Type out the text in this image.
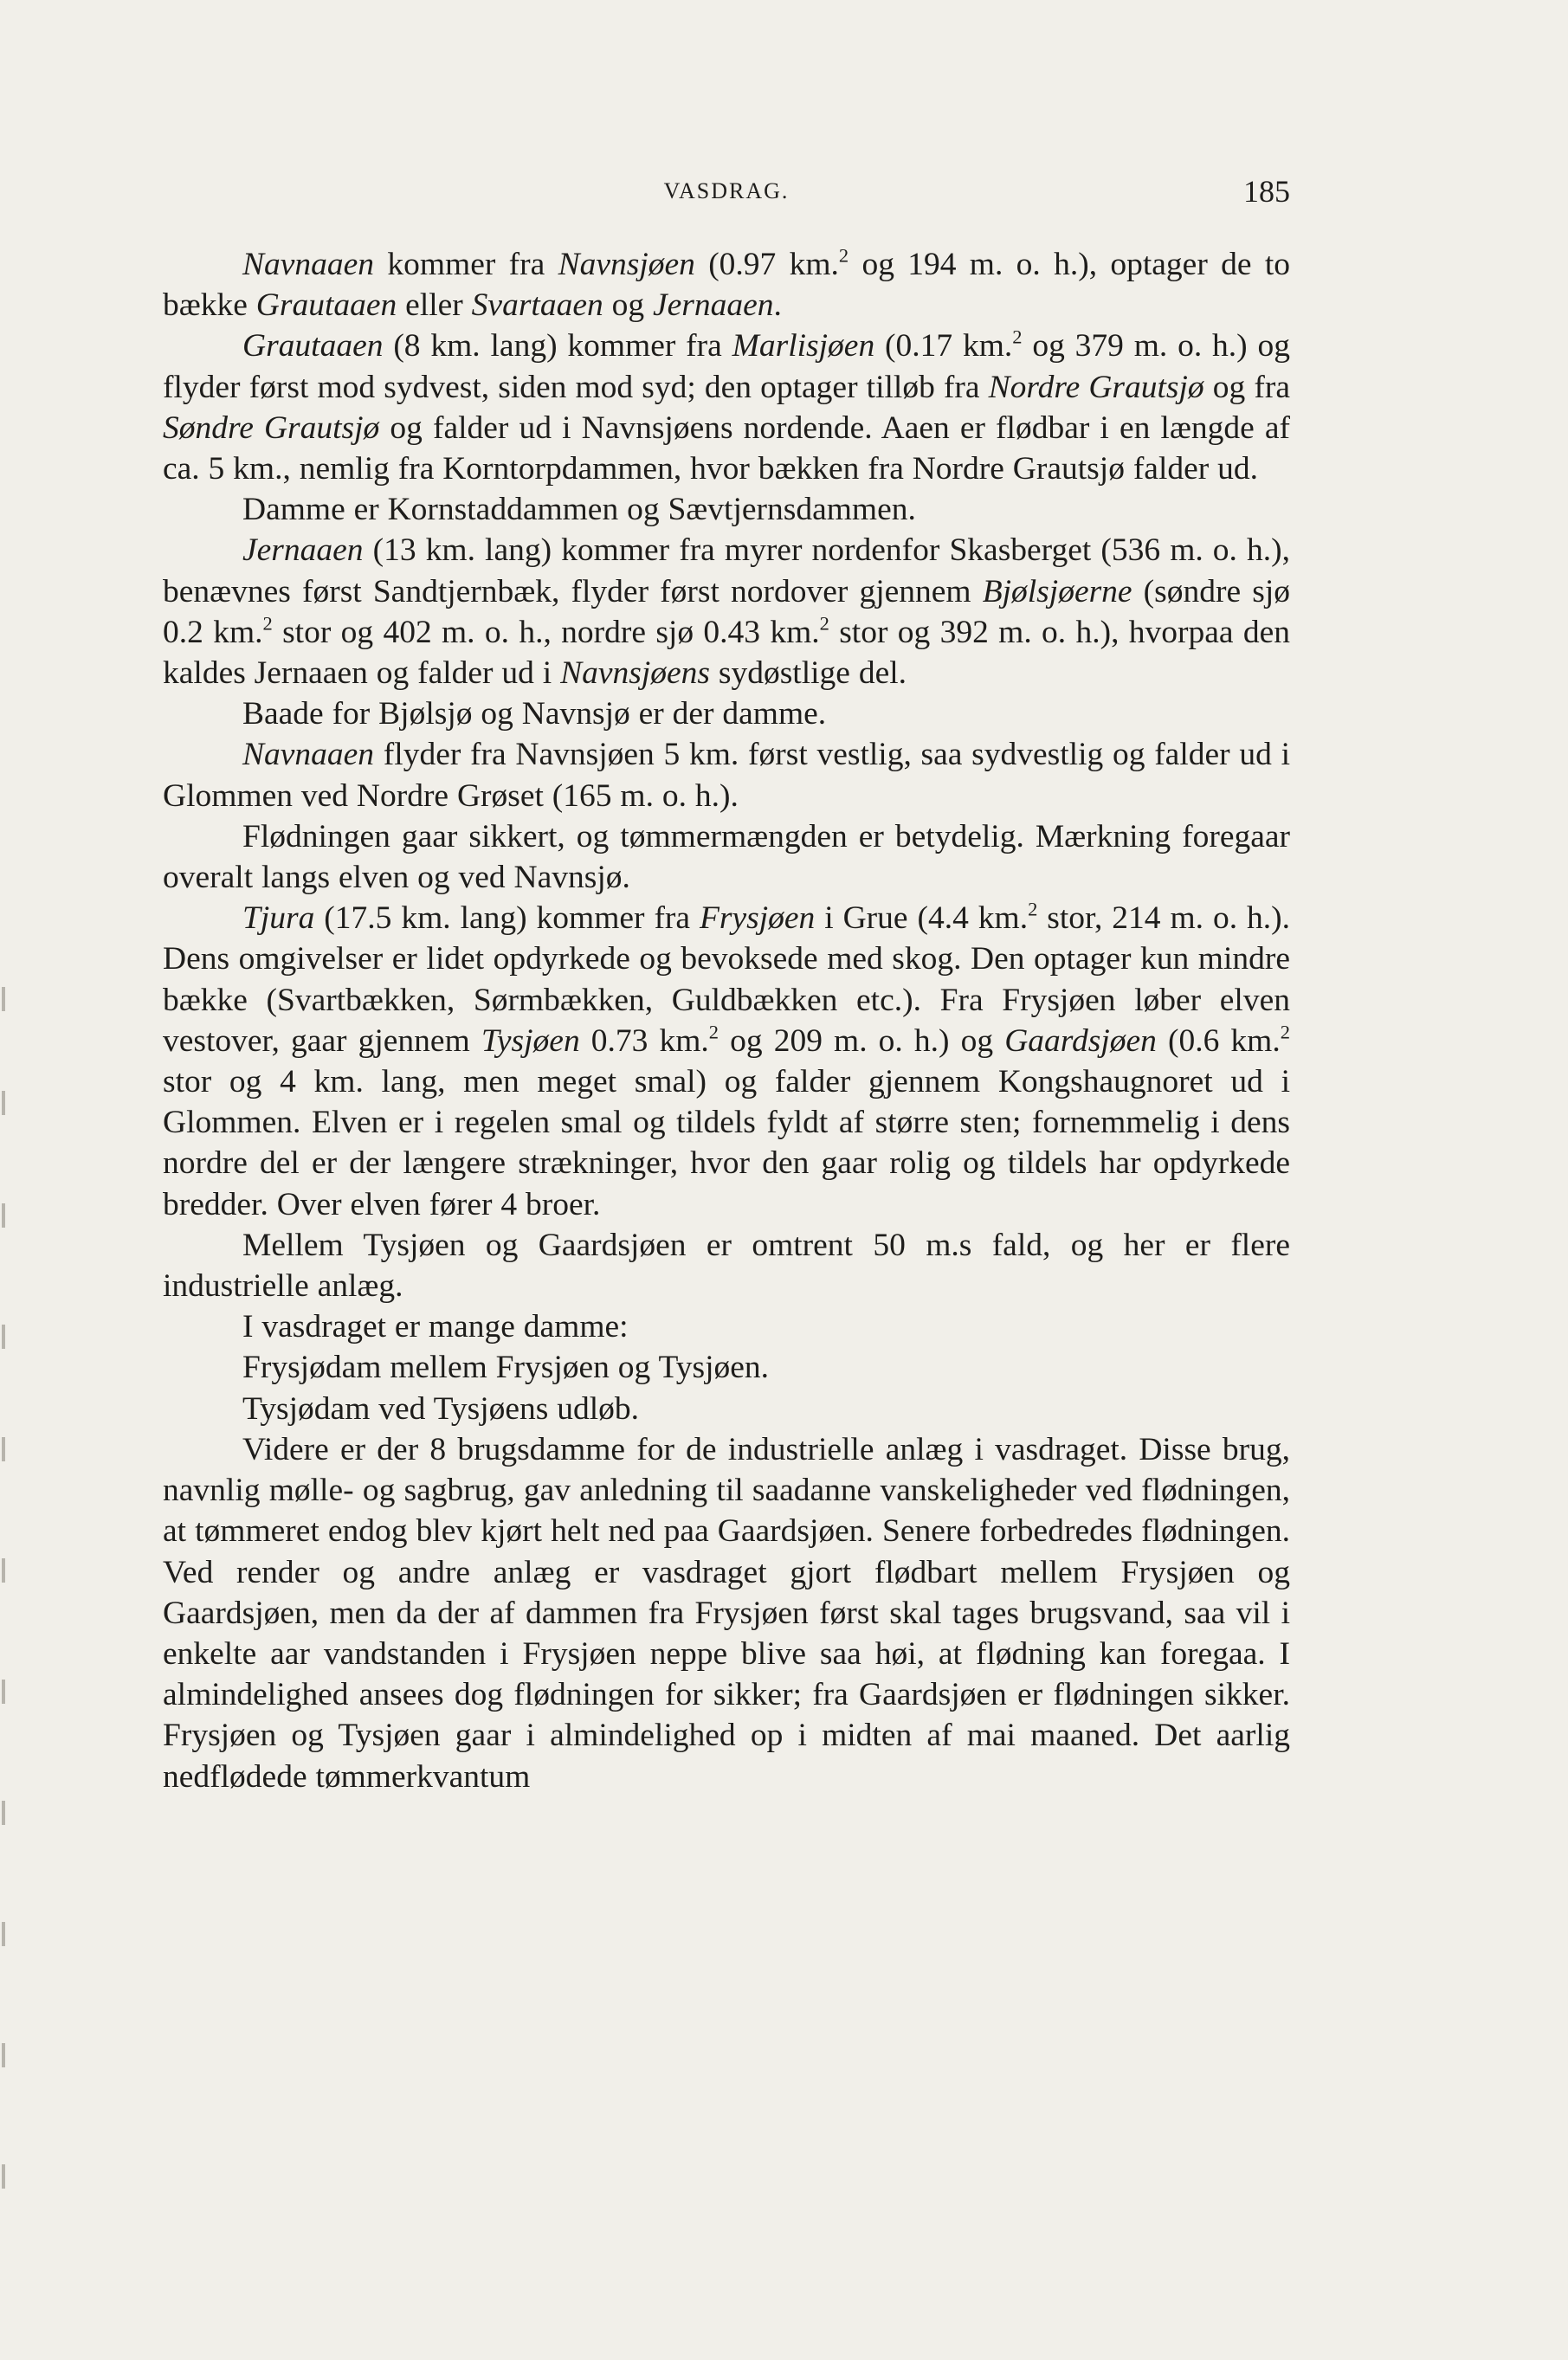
VASDRAG.	185

Navnaaen kommer fra Navnsjøen (0.97 km.$^2$ og 194 m. o. h.), optager de to bække Grautaaen eller Svartaaen og Jernaaen.

Grautaaen (8 km. lang) kommer fra Marlisjøen (0.17 km.$^2$ og 379 m. o. h.) og flyder først mod sydvest, siden mod syd; den optager tilløb fra Nordre Grautsjø og fra Søndre Grautsjø og falder ud i Navnsjøens nordende. Aaen er flødbar i en længde af ca. 5 km., nemlig fra Korntorpdammen, hvor bækken fra Nordre Grautsjø falder ud.

Damme er Kornstaddammen og Sævtjernsdammen.

Jernaaen (13 km. lang) kommer fra myrer nordenfor Skasberget (536 m. o. h.), benævnes først Sandtjernbæk, flyder først nordover gjennem Bjølsjøerne (søndre sjø 0.2 km.$^2$ stor og 402 m. o. h., nordre sjø 0.43 km.$^2$ stor og 392 m. o. h.), hvorpaa den kaldes Jernaaen og falder ud i Navnsjøens sydøstlige del.

Baade for Bjølsjø og Navnsjø er der damme.

Navnaaen flyder fra Navnsjøen 5 km. først vestlig, saa sydvestlig og falder ud i Glommen ved Nordre Grøset (165 m. o. h.).

Flødningen gaar sikkert, og tømmermængden er betydelig. Mærkning foregaar overalt langs elven og ved Navnsjø.

Tjura (17.5 km. lang) kommer fra Frysjøen i Grue (4.4 km.$^2$ stor, 214 m. o. h.). Dens omgivelser er lidet opdyrkede og bevoksede med skog. Den optager kun mindre bække (Svartbækken, Sørmbækken, Guldbækken etc.). Fra Frysjøen løber elven vestover, gaar gjennem Tysjøen 0.73 km.$^2$ og 209 m. o. h.) og Gaardsjøen (0.6 km.$^2$ stor og 4 km. lang, men meget smal) og falder gjennem Kongshaugnoret ud i Glommen. Elven er i regelen smal og tildels fyldt af større sten; fornemmelig i dens nordre del er der længere strækninger, hvor den gaar rolig og tildels har opdyrkede bredder. Over elven fører 4 broer.

Mellem Tysjøen og Gaardsjøen er omtrent 50 m.s fald, og her er flere industrielle anlæg.

I vasdraget er mange damme:

Frysjødam mellem Frysjøen og Tysjøen.

Tysjødam ved Tysjøens udløb.

Videre er der 8 brugsdamme for de industrielle anlæg i vasdraget. Disse brug, navnlig mølle- og sagbrug, gav anledning til saadanne vanskeligheder ved flødningen, at tømmeret endog blev kjørt helt ned paa Gaardsjøen. Senere forbedredes flødningen. Ved render og andre anlæg er vasdraget gjort flødbart mellem Frysjøen og Gaardsjøen, men da der af dammen fra Frysjøen først skal tages brugsvand, saa vil i enkelte aar vandstanden i Frysjøen neppe blive saa høi, at flødning kan foregaa. I almindelighed ansees dog flødningen for sikker; fra Gaardsjøen er flødningen sikker. Frysjøen og Tysjøen gaar i almindelighed op i midten af mai maaned. Det aarlig nedflødede tømmerkvantum
